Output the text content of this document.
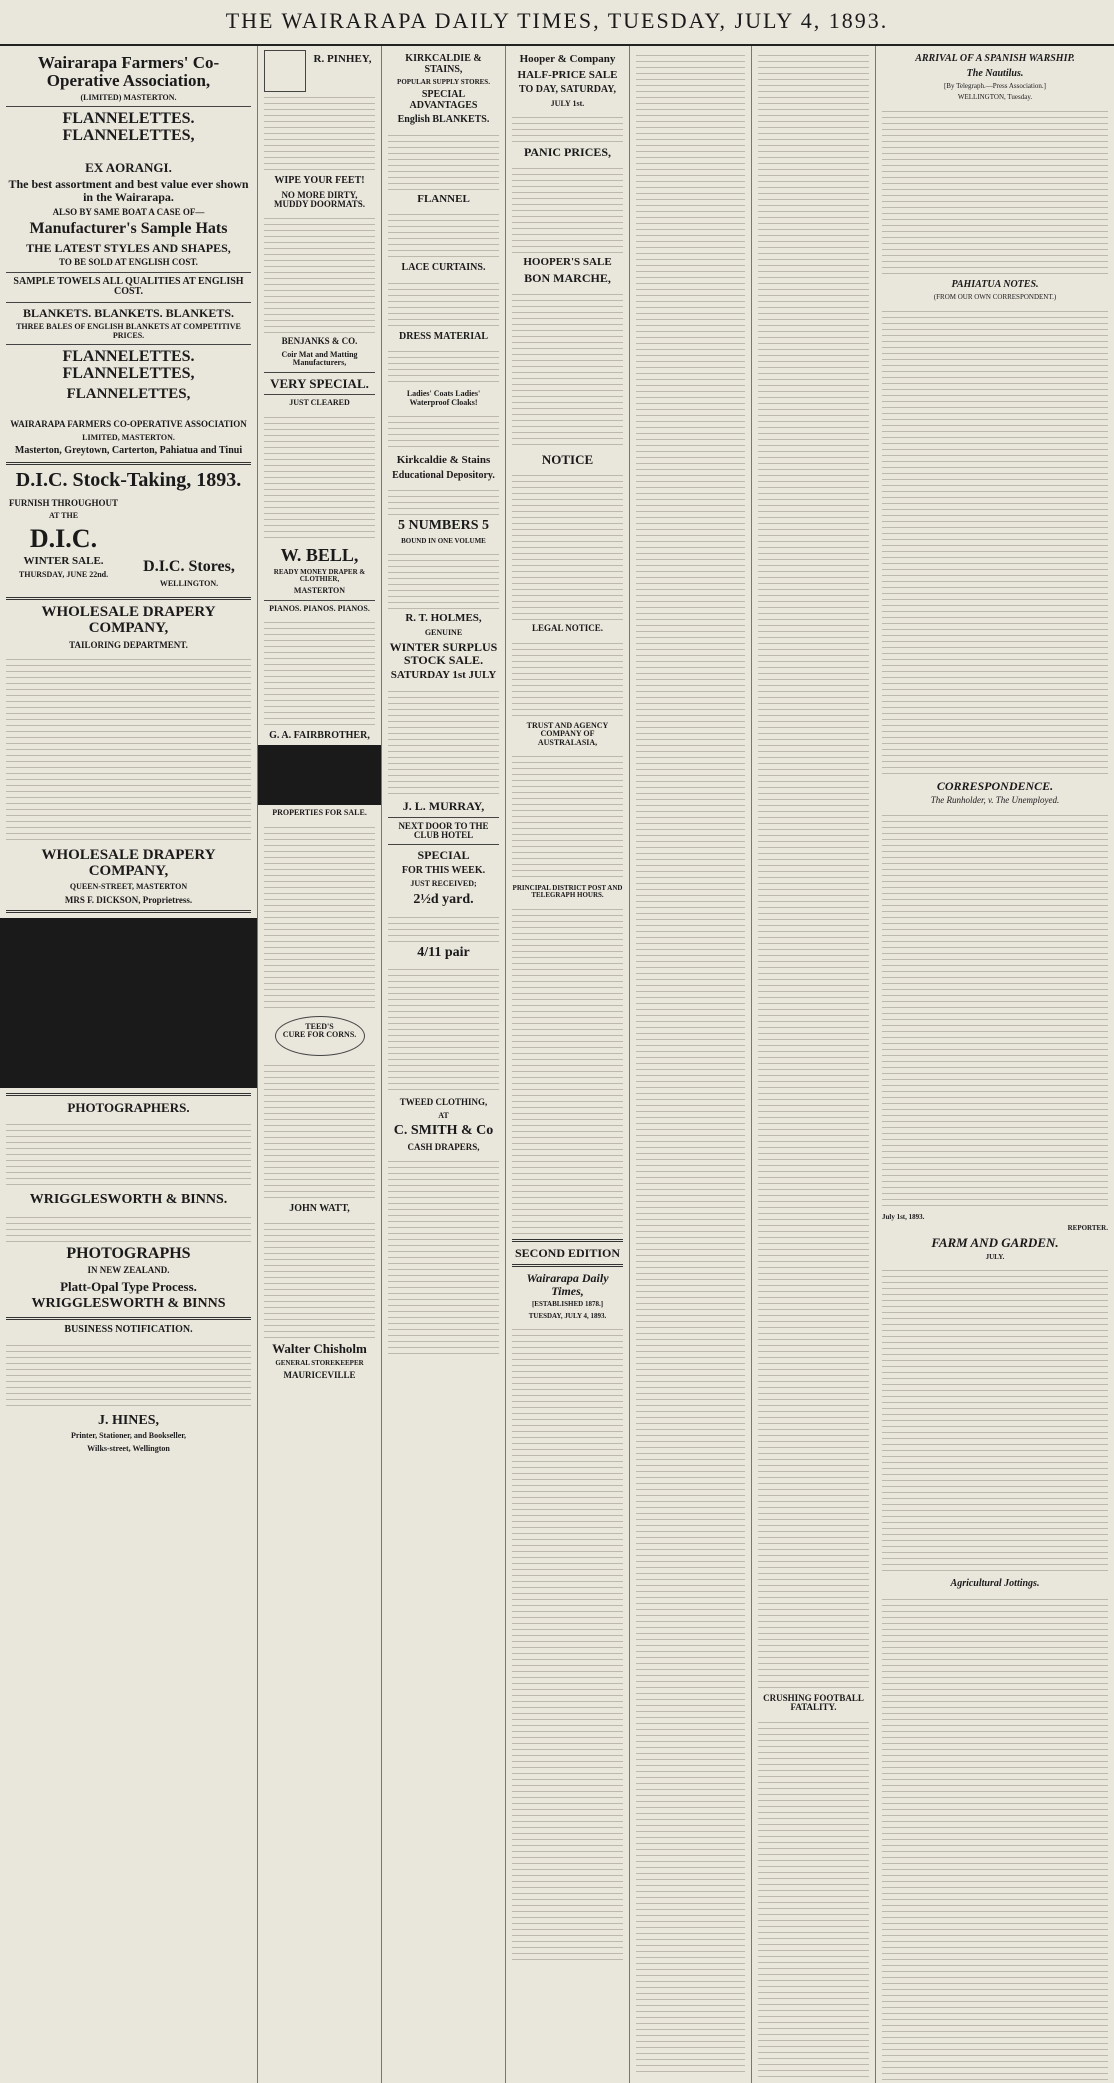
THE WAIRARAPA DAILY TIMES, TUESDAY, JULY 4, 1893.
Wairarapa Farmers' Co-Operative Association,
(LIMITED) MASTERTON.
FLANNELETTES. FLANNELETTES,
EX AORANGI.
The best assortment and best value ever shown in the Wairarapa.
ALSO BY SAME BOAT A CASE OF—
Manufacturer's Sample Hats
THE LATEST STYLES AND SHAPES,
TO BE SOLD AT ENGLISH COST.
SAMPLE TOWELS ALL QUALITIES AT ENGLISH COST.
BLANKETS. BLANKETS. BLANKETS.
THREE BALES OF ENGLISH BLANKETS AT COMPETITIVE PRICES.
FLANNELETTES. FLANNELETTES,
FLANNELETTES,
WAIRARAPA FARMERS CO-OPERATIVE ASSOCIATION
LIMITED, MASTERTON.
Masterton, Greytown, Carterton, Pahiatua and Tinui
D.I.C. Stock-Taking, 1893.
FURNISH THROUGHOUT
AT THE
D.I.C.
WINTER SALE.
THURSDAY, JUNE 22nd.
D.I.C. Stores,
WELLINGTON.
WHOLESALE DRAPERY COMPANY,
TAILORING DEPARTMENT.
WHOLESALE DRAPERY COMPANY,
QUEEN-STREET, MASTERTON
MRS F. DICKSON, Proprietress.
PHOTOGRAPHERS.
WRIGGLESWORTH & BINNS.
PHOTOGRAPHS
IN NEW ZEALAND.
Platt-Opal Type Process.
WRIGGLESWORTH & BINNS
BUSINESS NOTIFICATION.
J. HINES,
Printer, Stationer, and Bookseller,
Wilks-street, Wellington
R. PINHEY,
WIPE YOUR FEET!
NO MORE DIRTY, MUDDY DOORMATS.
BENJANKS & CO.
Coir Mat and Matting Manufacturers,
VERY SPECIAL.
JUST CLEARED
W. BELL,
READY MONEY DRAPER & CLOTHIER,
MASTERTON
PIANOS. PIANOS. PIANOS.
G. A. FAIRBROTHER,
PROPERTIES FOR SALE.
TEED'S
CURE FOR CORNS.
JOHN WATT,
Walter Chisholm
GENERAL STOREKEEPER
MAURICEVILLE
KIRKCALDIE & STAINS,
POPULAR SUPPLY STORES.
SPECIAL ADVANTAGES
English BLANKETS.
FLANNEL
LACE CURTAINS.
DRESS MATERIAL
Ladies' Coats Ladies' Waterproof Cloaks!
Kirkcaldie & Stains
Educational Depository.
5 NUMBERS 5
BOUND IN ONE VOLUME
R. T. HOLMES,
GENUINE
WINTER SURPLUS STOCK SALE.
SATURDAY 1st JULY
J. L. MURRAY,
NEXT DOOR TO THE CLUB HOTEL
SPECIAL
FOR THIS WEEK.
JUST RECEIVED;
2½d yard.
4/11 pair
TWEED CLOTHING,
AT
C. SMITH & Co
CASH DRAPERS,
Hooper & Company
HALF-PRICE SALE
TO DAY, SATURDAY,
JULY 1st.
PANIC PRICES,
HOOPER'S SALE
BON MARCHE,
NOTICE
LEGAL NOTICE.
TRUST AND AGENCY COMPANY OF AUSTRALASIA,
PRINCIPAL DISTRICT POST AND TELEGRAPH HOURS.
SECOND EDITION
Wairarapa Daily Times,
[ESTABLISHED 1878.]
TUESDAY, JULY 4, 1893.
CRUSHING FOOTBALL FATALITY.
ARRIVAL OF A SPANISH WARSHIP.
The Nautilus.
[By Telegraph.—Press Association.]
WELLINGTON, Tuesday.
PAHIATUA NOTES.
(FROM OUR OWN CORRESPONDENT.)
CORRESPONDENCE.
The Runholder, v. The Unemployed.
July 1st, 1893.
REPORTER.
FARM AND GARDEN.
JULY.
Agricultural Jottings.
